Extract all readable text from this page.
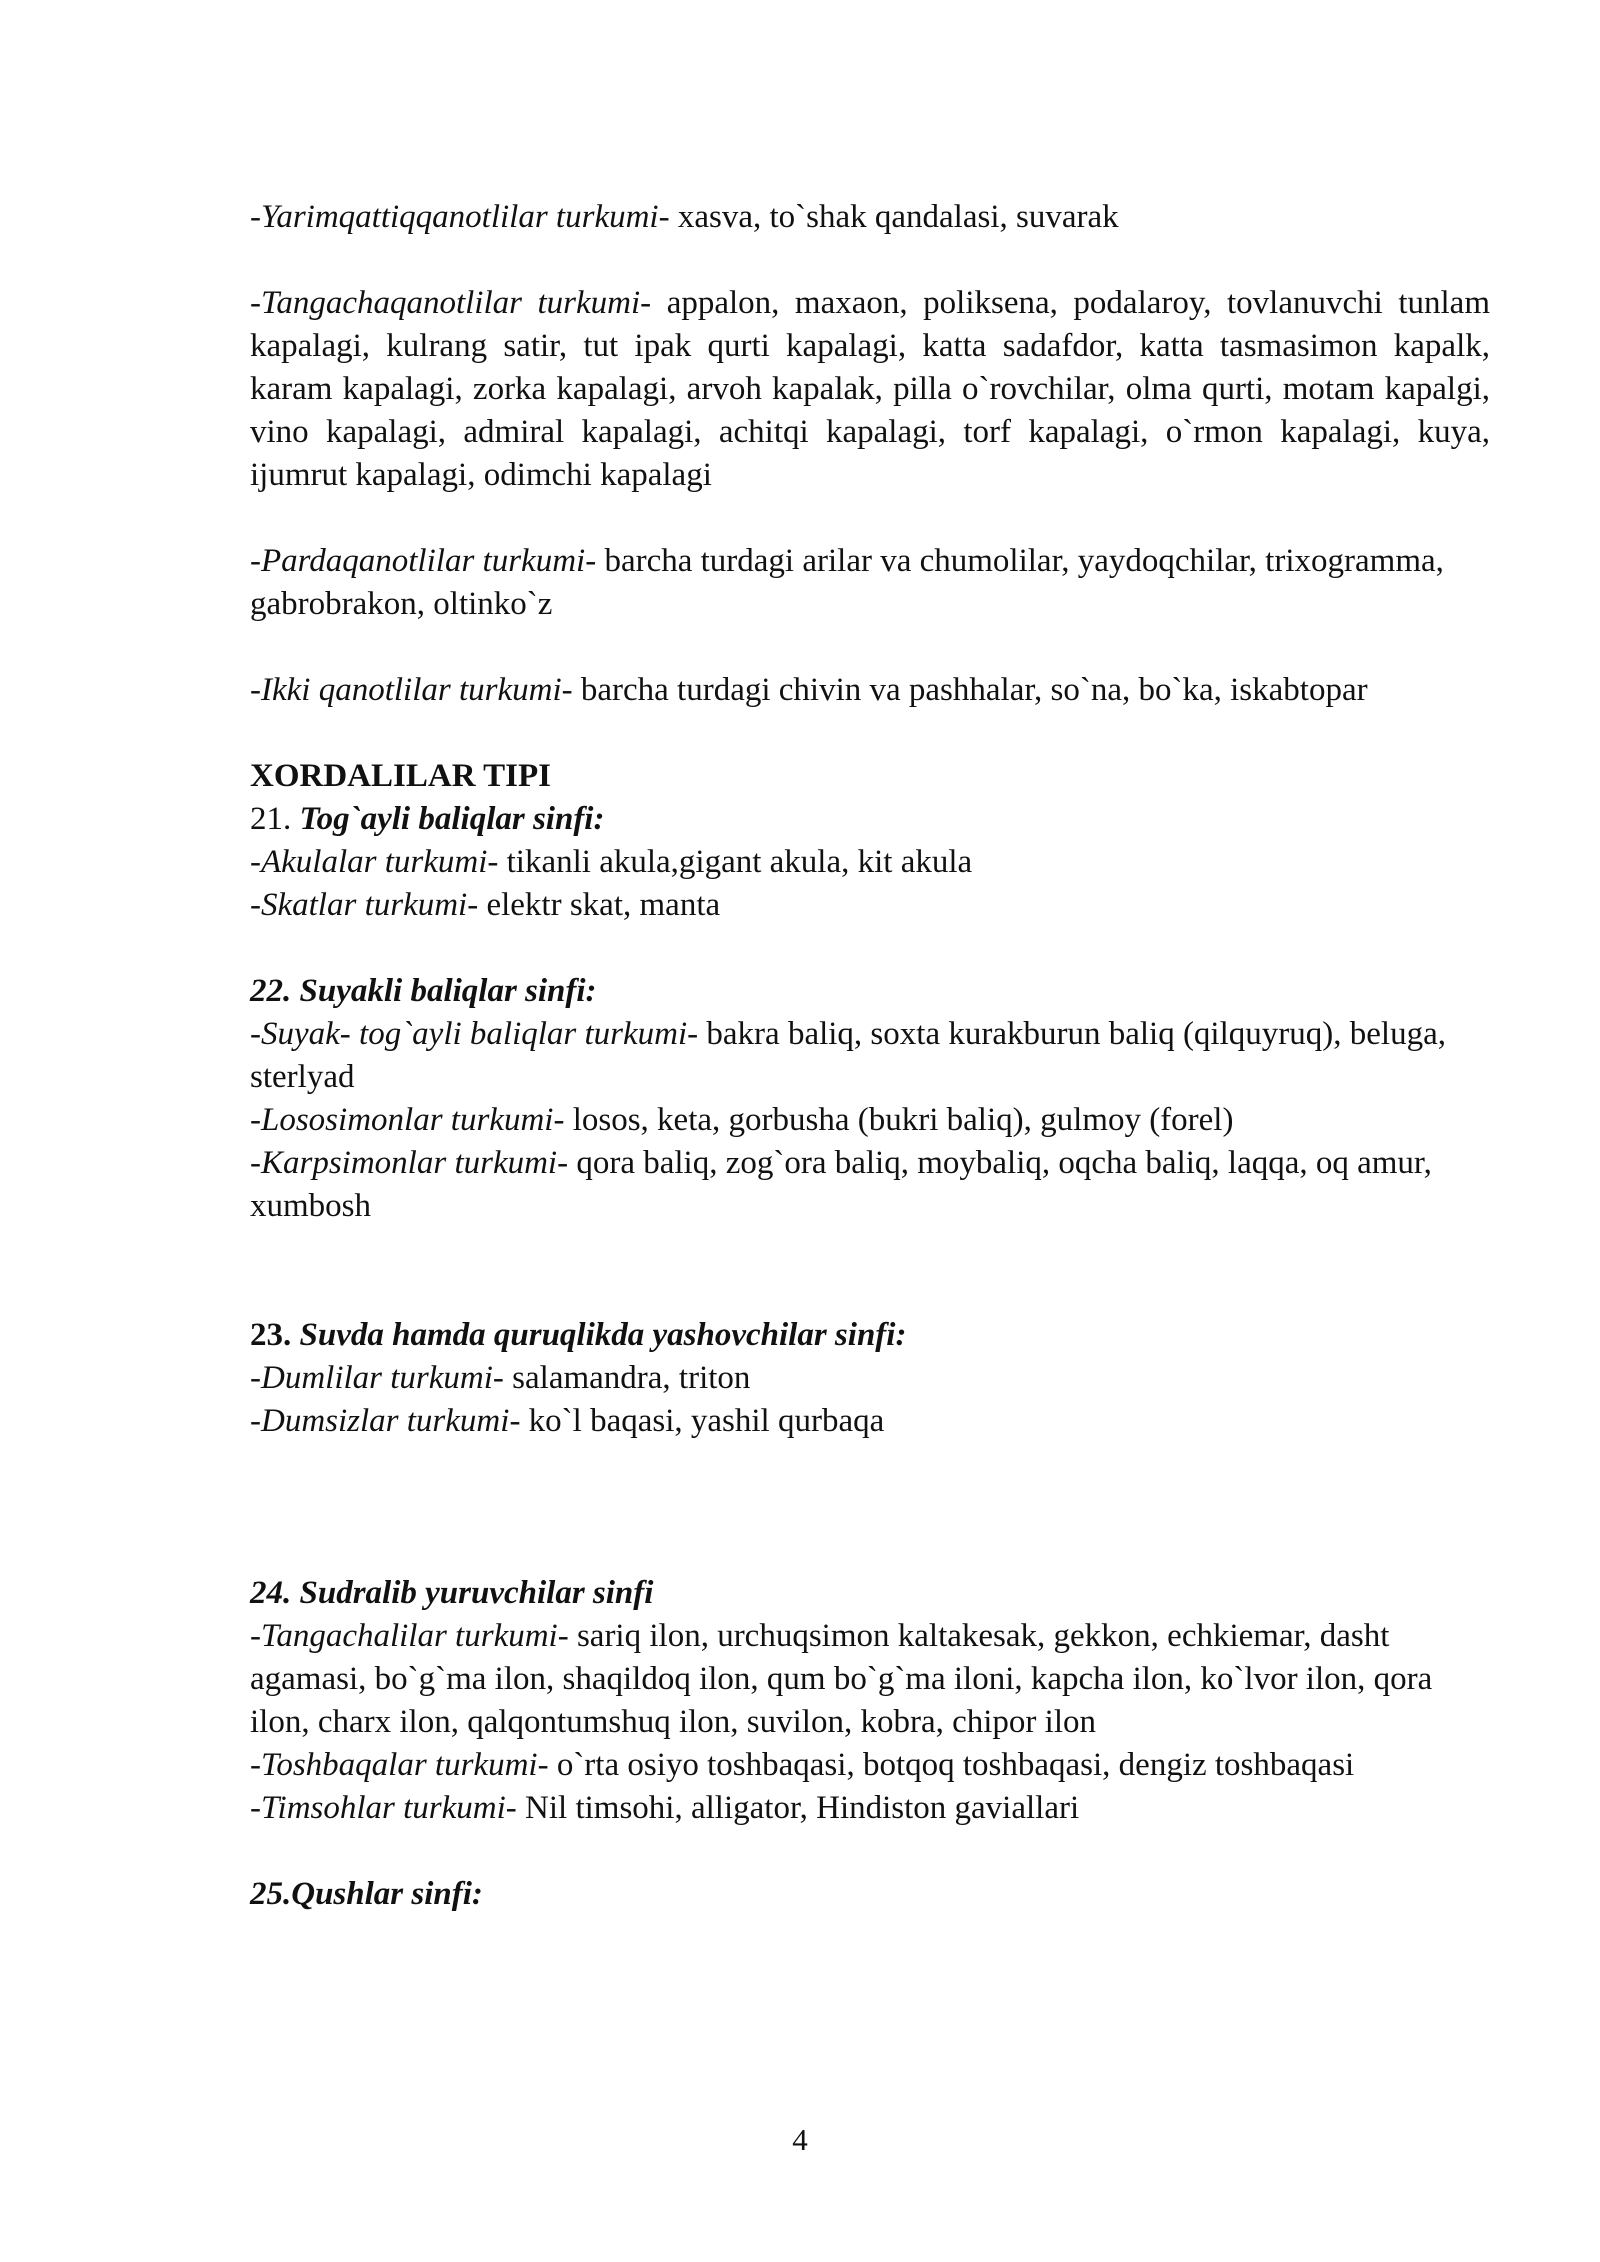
-Yarimqattiqqanotlilar turkumi- xasva, to`shak qandalasi, suvarak

-Tangachaqanotlilar turkumi- appalon, maxaon, poliksena, podalaroy, tovlanuvchi tunlam kapalagi, kulrang satir, tut ipak qurti kapalagi, katta sadafdor, katta tasmasimon kapalk, karam kapalagi, zorka kapalagi, arvoh kapalak, pilla o`rovchilar, olma qurti, motam kapalgi, vino kapalagi, admiral kapalagi, achitqi kapalagi, torf kapalagi, o`rmon kapalagi, kuya, ijumrut kapalagi, odimchi kapalagi

-Pardaqanotlilar turkumi- barcha turdagi arilar va chumolilar, yaydoqchilar, trixogramma, gabrobrakon, oltinko`z

-Ikki qanotlilar turkumi- barcha turdagi chivin va pashhalar, so`na, bo`ka, iskabtopar

XORDALILAR TIPI

21. Tog`ayli baliqlar sinfi:

-Akulalar turkumi- tikanli akula,gigant akula, kit akula

-Skatlar turkumi- elektr skat, manta

22. Suyakli baliqlar sinfi:

-Suyak- tog`ayli baliqlar turkumi- bakra baliq, soxta kurakburun baliq (qilquyruq), beluga, sterlyad

-Lososimonlar turkumi- losos, keta, gorbusha (bukri baliq), gulmoy (forel)

-Karpsimonlar turkumi- qora baliq, zog`ora baliq, moybaliq, oqcha baliq, laqqa, oq amur, xumbosh

23. Suvda hamda quruqlikda yashovchilar sinfi:

-Dumlilar turkumi- salamandra, triton

-Dumsizlar turkumi- ko`l baqasi, yashil qurbaqa

24. Sudralib yuruvchilar sinfi

-Tangachalilar turkumi- sariq ilon, urchuqsimon kaltakesak, gekkon, echkiemar, dasht agamasi, bo`g`ma ilon, shaqildoq ilon, qum bo`g`ma iloni, kapcha ilon, ko`lvor ilon, qora ilon, charx ilon, qalqontumshuq ilon, suvilon, kobra, chipor ilon

-Toshbaqalar turkumi- o`rta osiyo toshbaqasi, botqoq toshbaqasi, dengiz toshbaqasi

-Timsohlar turkumi- Nil timsohi, alligator, Hindiston gaviallari

25.Qushlar sinfi:

4
